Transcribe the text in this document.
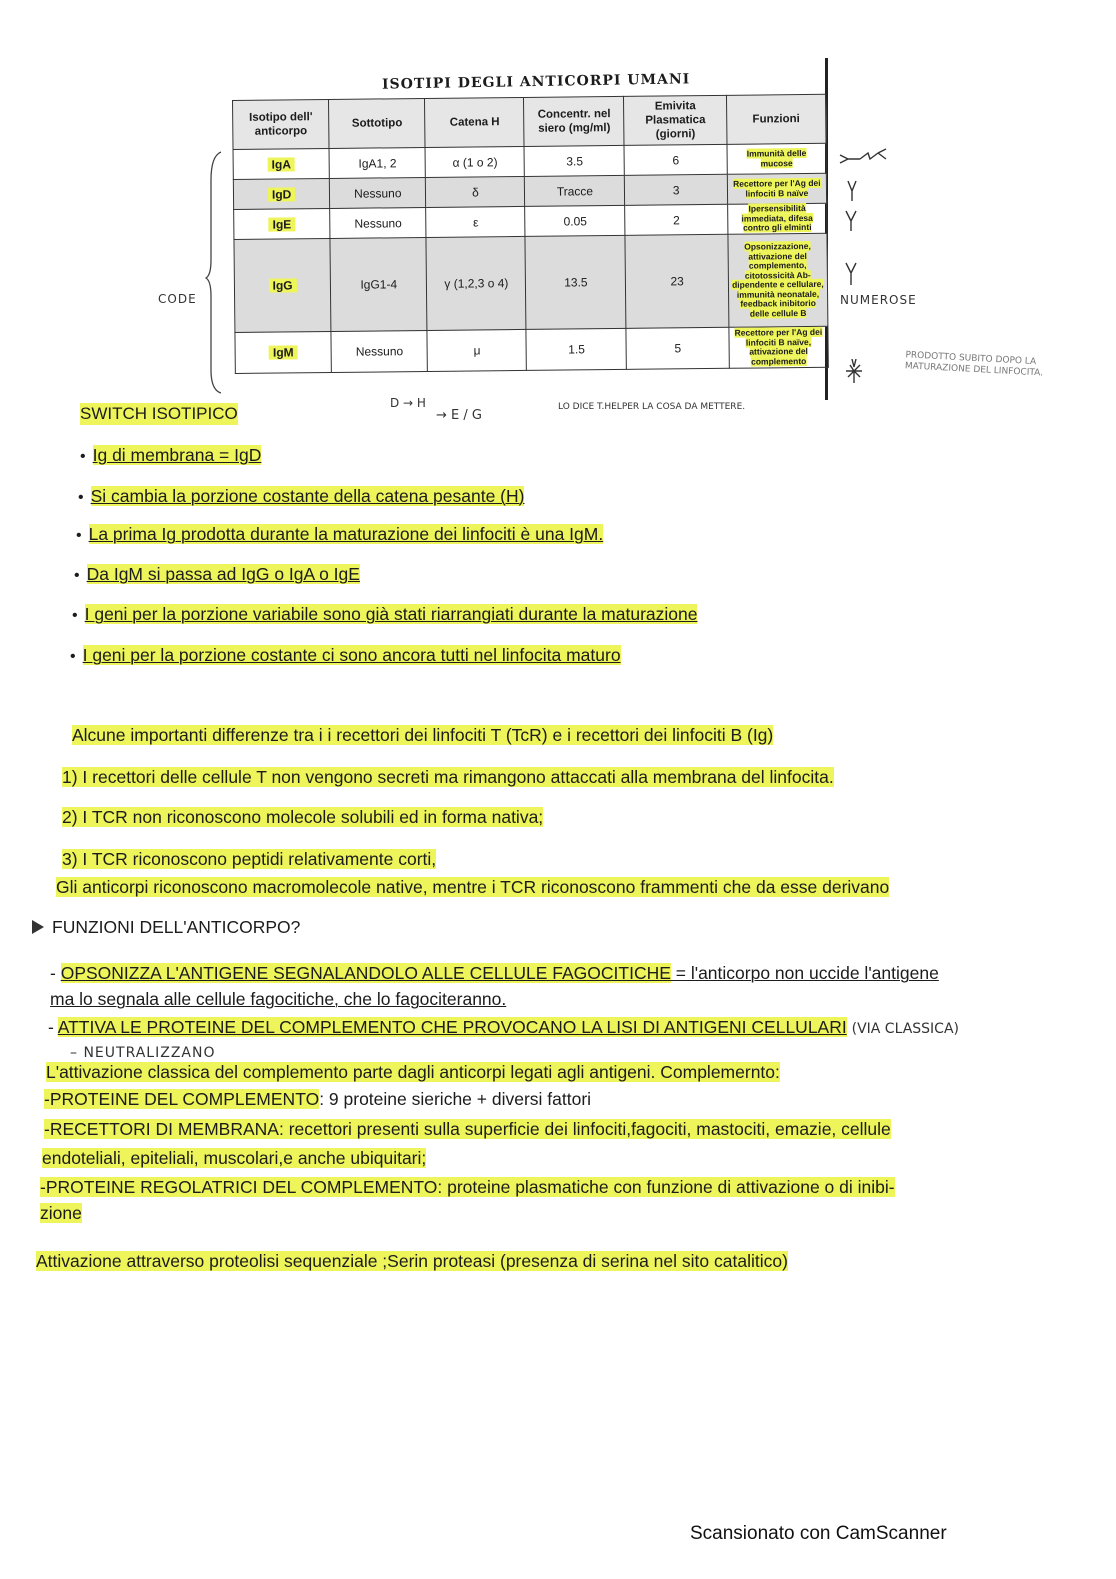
ISOTIPI DEGLI ANTICORPI UMANI
Isotipo dell' anticorpo	Sottotipo	Catena H	Concentr. nel siero (mg/ml)	Emivita Plasmatica (giorni)	Funzioni
IgA	IgA1, 2	α (1 o 2)	3.5	6	Immunità delle mucose
IgD	Nessuno	δ	Tracce	3	Recettore per l'Ag dei linfociti B naïve
IgE	Nessuno	ε	0.05	2	Ipersensibilità immediata, difesa contro gli elminti
IgG	IgG1-4	γ (1,2,3 o 4)	13.5	23	Opsonizzazione, attivazione del complemento, citotossicità Ab-dipendente e cellulare, immunità neonatale, feedback inibitorio delle cellule B
IgM	Nessuno	μ	1.5	5	Recettore per l'Ag dei linfociti B naïve, attivazione del complemento
CODE	NUMEROSE
PRODOTTO SUBITO DOPO LA MATURAZIONE DEL LINFOCITA.
D → H
→ E / G
LO DICE T.HELPER LA COSA DA METTERE.
SWITCH ISOTIPICO
• Ig di membrana = IgD
• Si cambia la porzione costante della catena pesante (H)
• La prima Ig prodotta durante la maturazione dei linfociti è una IgM.
• Da IgM si passa ad IgG o IgA o IgE
• I geni per la porzione variabile sono già stati riarrangiati durante la maturazione
• I geni per la porzione costante ci sono ancora tutti nel linfocita maturo
Alcune importanti differenze tra i i recettori dei linfociti T (TcR) e i recettori dei linfociti B (Ig)
1) I recettori delle cellule T non vengono secreti ma rimangono attaccati alla membrana del linfocita.
2) I TCR non riconoscono molecole solubili ed in forma nativa;
3) I TCR riconoscono peptidi relativamente corti,
Gli anticorpi riconoscono macromolecole native, mentre i TCR riconoscono frammenti che da esse derivano
FUNZIONI DELL'ANTICORPO?
- OPSONIZZA L'ANTIGENE SEGNALANDOLO ALLE CELLULE FAGOCITICHE = l'anticorpo non uccide l'antigene
ma lo segnala alle cellule fagocitiche, che lo fagociteranno.
- ATTIVA LE PROTEINE DEL COMPLEMENTO CHE PROVOCANO LA LISI DI ANTIGENI CELLULARI (VIA CLASSICA)
– NEUTRALIZZANO
L'attivazione classica del complemento parte dagli anticorpi legati agli antigeni. Complemernto:
-PROTEINE DEL COMPLEMENTO: 9 proteine sieriche + diversi fattori
-RECETTORI DI MEMBRANA: recettori presenti sulla superficie dei linfociti,fagociti, mastociti, emazie, cellule
endoteliali, epiteliali, muscolari,e anche ubiquitari;
-PROTEINE REGOLATRICI DEL COMPLEMENTO: proteine plasmatiche con funzione di attivazione o di inibi-
zione
Attivazione attraverso proteolisi sequenziale ;Serin proteasi (presenza di serina nel sito catalitico)
Scansionato con CamScanner
